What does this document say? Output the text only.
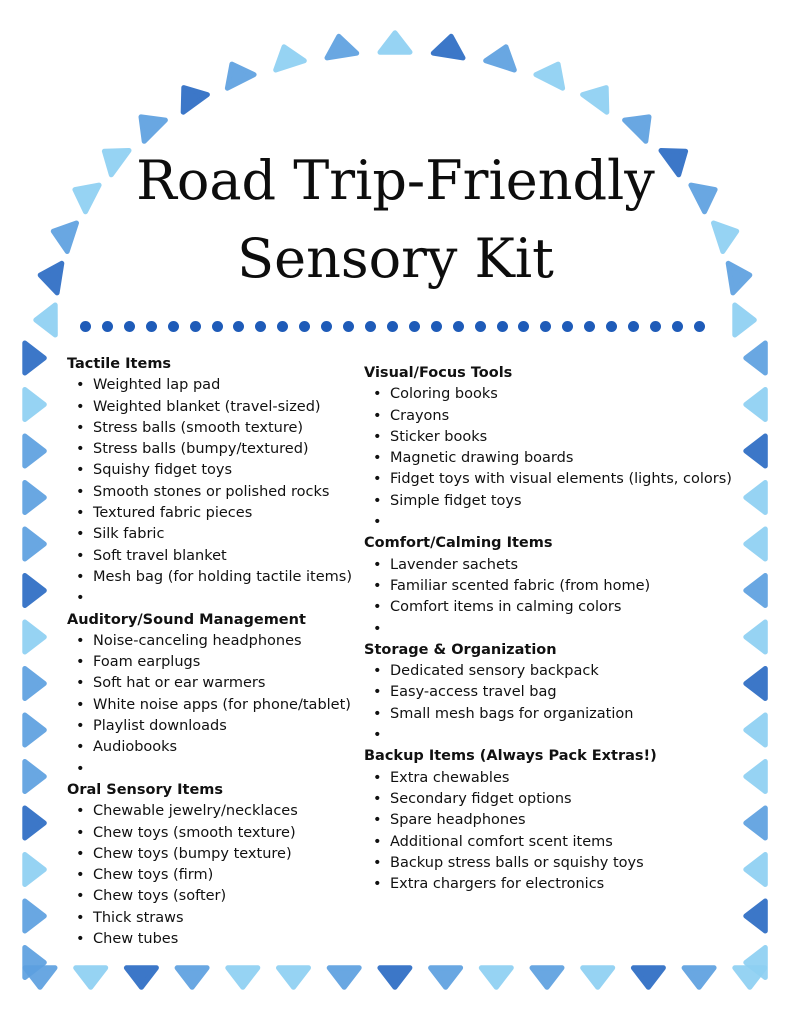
Road Trip-Friendly
Sensory Kit
Tactile Items
• Weighted lap pad
• Weighted blanket (travel-sized)
• Stress balls (smooth texture)
• Stress balls (bumpy/textured)
• Squishy fidget toys
• Smooth stones or polished rocks
• Textured fabric pieces
• Silk fabric
• Soft travel blanket
• Mesh bag (for holding tactile items)
•
Auditory/Sound Management
• Noise-canceling headphones
• Foam earplugs
• Soft hat or ear warmers
• White noise apps (for phone/tablet)
• Playlist downloads
• Audiobooks
•
Oral Sensory Items
• Chewable jewelry/necklaces
• Chew toys (smooth texture)
• Chew toys (bumpy texture)
• Chew toys (firm)
• Chew toys (softer)
• Thick straws
• Chew tubes
Visual/Focus Tools
• Coloring books
• Crayons
• Sticker books
• Magnetic drawing boards
• Fidget toys with visual elements (lights, colors)
• Simple fidget toys
•
Comfort/Calming Items
• Lavender sachets
• Familiar scented fabric (from home)
• Comfort items in calming colors
•
Storage & Organization
• Dedicated sensory backpack
• Easy-access travel bag
• Small mesh bags for organization
•
Backup Items (Always Pack Extras!)
• Extra chewables
• Secondary fidget options
• Spare headphones
• Additional comfort scent items
• Backup stress balls or squishy toys
• Extra chargers for electronics
